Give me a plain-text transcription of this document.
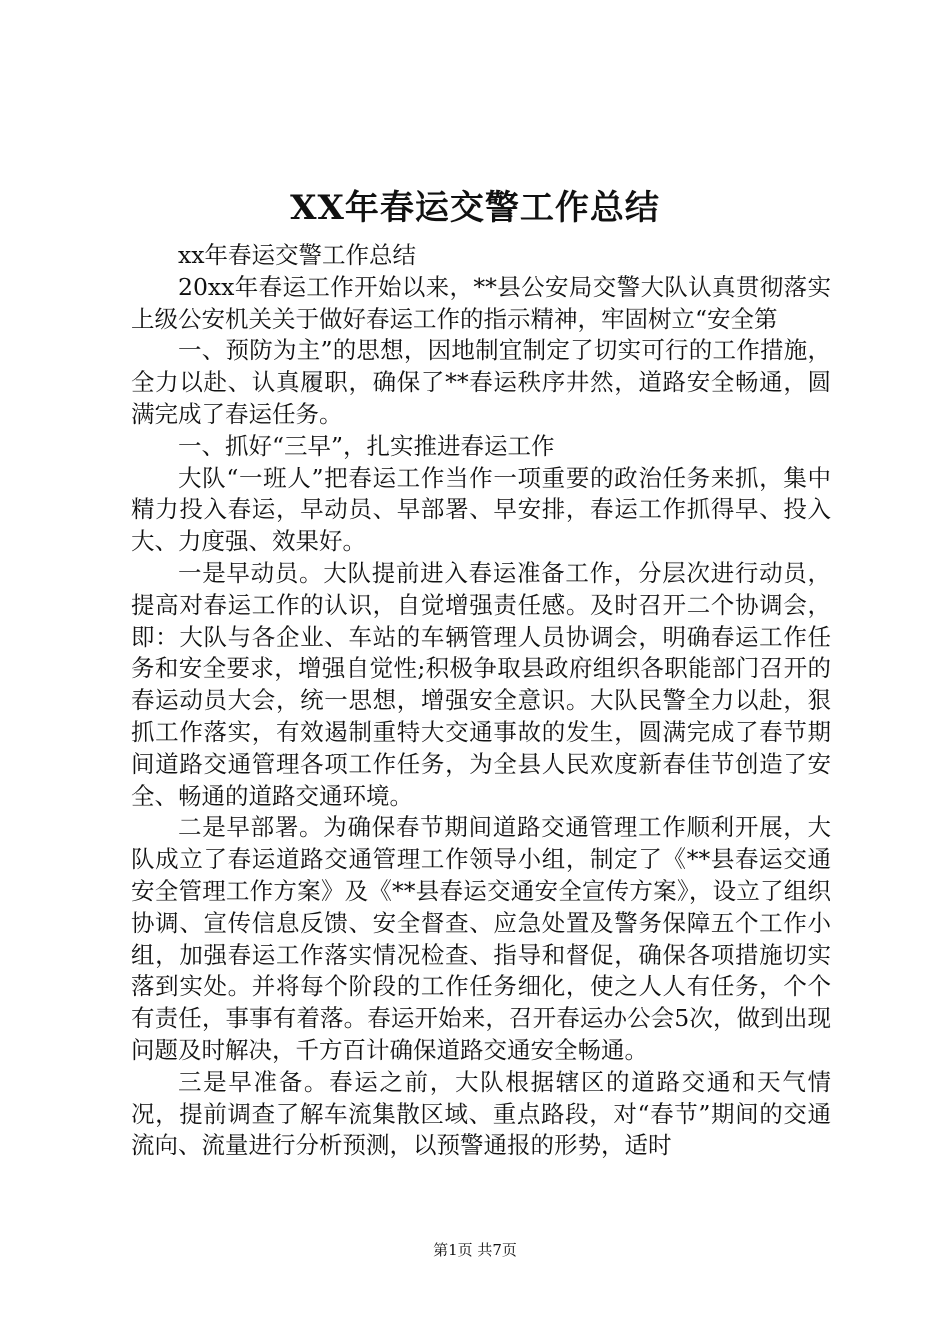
XX年春运交警工作总结

xx年春运交警工作总结

20xx年春运工作开始以来，**县公安局交警大队认真贯彻落实上级公安机关关于做好春运工作的指示精神，牢固树立“安全第

一、预防为主”的思想，因地制宜制定了切实可行的工作措施，全力以赴、认真履职，确保了**春运秩序井然，道路安全畅通，圆满完成了春运任务。

一、抓好“三早”，扎实推进春运工作

大队“一班人”把春运工作当作一项重要的政治任务来抓，集中精力投入春运，早动员、早部署、早安排，春运工作抓得早、投入大、力度强、效果好。

一是早动员。大队提前进入春运准备工作，分层次进行动员，提高对春运工作的认识，自觉增强责任感。及时召开二个协调会，即：大队与各企业、车站的车辆管理人员协调会，明确春运工作任务和安全要求，增强自觉性;积极争取县政府组织各职能部门召开的春运动员大会，统一思想，增强安全意识。大队民警全力以赴，狠抓工作落实，有效遏制重特大交通事故的发生，圆满完成了春节期间道路交通管理各项工作任务，为全县人民欢度新春佳节创造了安全、畅通的道路交通环境。

二是早部署。为确保春节期间道路交通管理工作顺利开展，大队成立了春运道路交通管理工作领导小组，制定了《**县春运交通安全管理工作方案》及《**县春运交通安全宣传方案》，设立了组织协调、宣传信息反馈、安全督查、应急处置及警务保障五个工作小组，加强春运工作落实情况检查、指导和督促，确保各项措施切实落到实处。并将每个阶段的工作任务细化，使之人人有任务，个个有责任，事事有着落。春运开始来，召开春运办公会5次，做到出现问题及时解决，千方百计确保道路交通安全畅通。

三是早准备。春运之前，大队根据辖区的道路交通和天气情况，提前调查了解车流集散区域、重点路段，对“春节”期间的交通流向、流量进行分析预测，以预警通报的形势，适时

第1页 共7页
